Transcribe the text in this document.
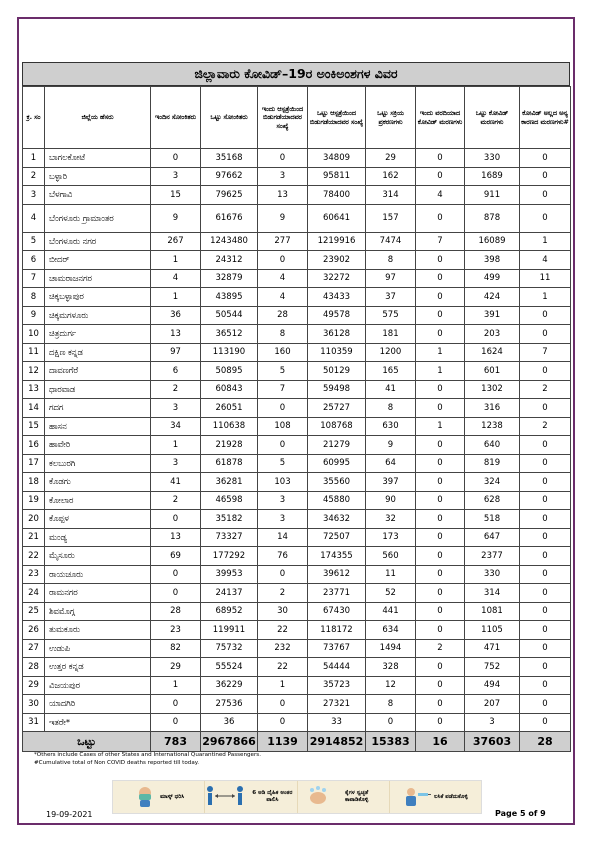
ಜಿಲ್ಲಾವಾರು ಕೋವಿಡ್–19ರ ಅಂಕಿಅಂಶಗಳ ವಿವರ
ಕ್ರ. ಸಂ	ಜಿಲ್ಲೆಯ ಹೆಸರು	ಇಂದಿನ ಸೋಂಕಿತರು	ಒಟ್ಟು ಸೋಂಕಿತರು	ಇಂದು ಆಸ್ಪತ್ರೆಯಿಂದ ಬಿಡುಗಡೆಯಾದವರ ಸಂಖ್ಯೆ	ಒಟ್ಟು ಆಸ್ಪತ್ರೆಯಿಂದ ಬಿಡುಗಡೆಯಾದವರ ಸಂಖ್ಯೆ	ಒಟ್ಟು ಸಕ್ರಿಯ ಪ್ರಕರಣಗಳು	ಇಂದು ವರದಿಯಾದ ಕೋವಿಡ್ ಮರಣಗಳು	ಒಟ್ಟು ಕೋವಿಡ್ ಮರಣಗಳು	ಕೋವಿಡ್ ಅಲ್ಲದ ಅನ್ಯ ಕಾರಣದ ಮರಣಗಳು#
1	ಬಾಗಲಕೋಟೆ	0	35168	0	34809	29	0	330	0
2	ಬಳ್ಳಾರಿ	3	97662	3	95811	162	0	1689	0
3	ಬೆಳಗಾವಿ	15	79625	13	78400	314	4	911	0
4	ಬೆಂಗಳೂರು ಗ್ರಾಮಾಂತರ	9	61676	9	60641	157	0	878	0
5	ಬೆಂಗಳೂರು ನಗರ	267	1243480	277	1219916	7474	7	16089	1
6	ಬೀದರ್	1	24312	0	23902	8	0	398	4
7	ಚಾಮರಾಜನಗರ	4	32879	4	32272	97	0	499	11
8	ಚಿಕ್ಕಬಳ್ಳಾಪುರ	1	43895	4	43433	37	0	424	1
9	ಚಿಕ್ಕಮಗಳೂರು	36	50544	28	49578	575	0	391	0
10	ಚಿತ್ರದುರ್ಗ	13	36512	8	36128	181	0	203	0
11	ದಕ್ಷಿಣ ಕನ್ನಡ	97	113190	160	110359	1200	1	1624	7
12	ದಾವಣಗೆರೆ	6	50895	5	50129	165	1	601	0
13	ಧಾರವಾಡ	2	60843	7	59498	41	0	1302	2
14	ಗದಗ	3	26051	0	25727	8	0	316	0
15	ಹಾಸನ	34	110638	108	108768	630	1	1238	2
16	ಹಾವೇರಿ	1	21928	0	21279	9	0	640	0
17	ಕಲಬುರಗಿ	3	61878	5	60995	64	0	819	0
18	ಕೊಡಗು	41	36281	103	35560	397	0	324	0
19	ಕೋಲಾರ	2	46598	3	45880	90	0	628	0
20	ಕೊಪ್ಪಳ	0	35182	3	34632	32	0	518	0
21	ಮಂಡ್ಯ	13	73327	14	72507	173	0	647	0
22	ಮೈಸೂರು	69	177292	76	174355	560	0	2377	0
23	ರಾಯಚೂರು	0	39953	0	39612	11	0	330	0
24	ರಾಮನಗರ	0	24137	2	23771	52	0	314	0
25	ಶಿವಮೊಗ್ಗ	28	68952	30	67430	441	0	1081	0
26	ತುಮಕೂರು	23	119911	22	118172	634	0	1105	0
27	ಉಡುಪಿ	82	75732	232	73767	1494	2	471	0
28	ಉತ್ತರ ಕನ್ನಡ	29	55524	22	54444	328	0	752	0
29	ವಿಜಯಪುರ	1	36229	1	35723	12	0	494	0
30	ಯಾದಗಿರಿ	0	27536	0	27321	8	0	207	0
31	ಇತರೇ*	0	36	0	33	0	0	3	0
ಒಟ್ಟು		783	2967866	1139	2914852	15383	16	37603	28
*Others include Cases of other States and International Quarantined Passengers.
#Cumulative total of Non COVID deaths reported till today.
ಮಾಸ್ಕ್ ಧರಿಸಿ
6 ಅಡಿ ದೈಹಿಕ ಅಂತರ ಪಾಲಿಸಿ
ಕೈಗಳ ಸ್ವಚ್ಛತೆ ಕಾಪಾಡಿಕೊಳ್ಳಿ
ಲಸಿಕೆ ಪಡೆದುಕೊಳ್ಳಿ
19-09-2021	Page 5 of 9
